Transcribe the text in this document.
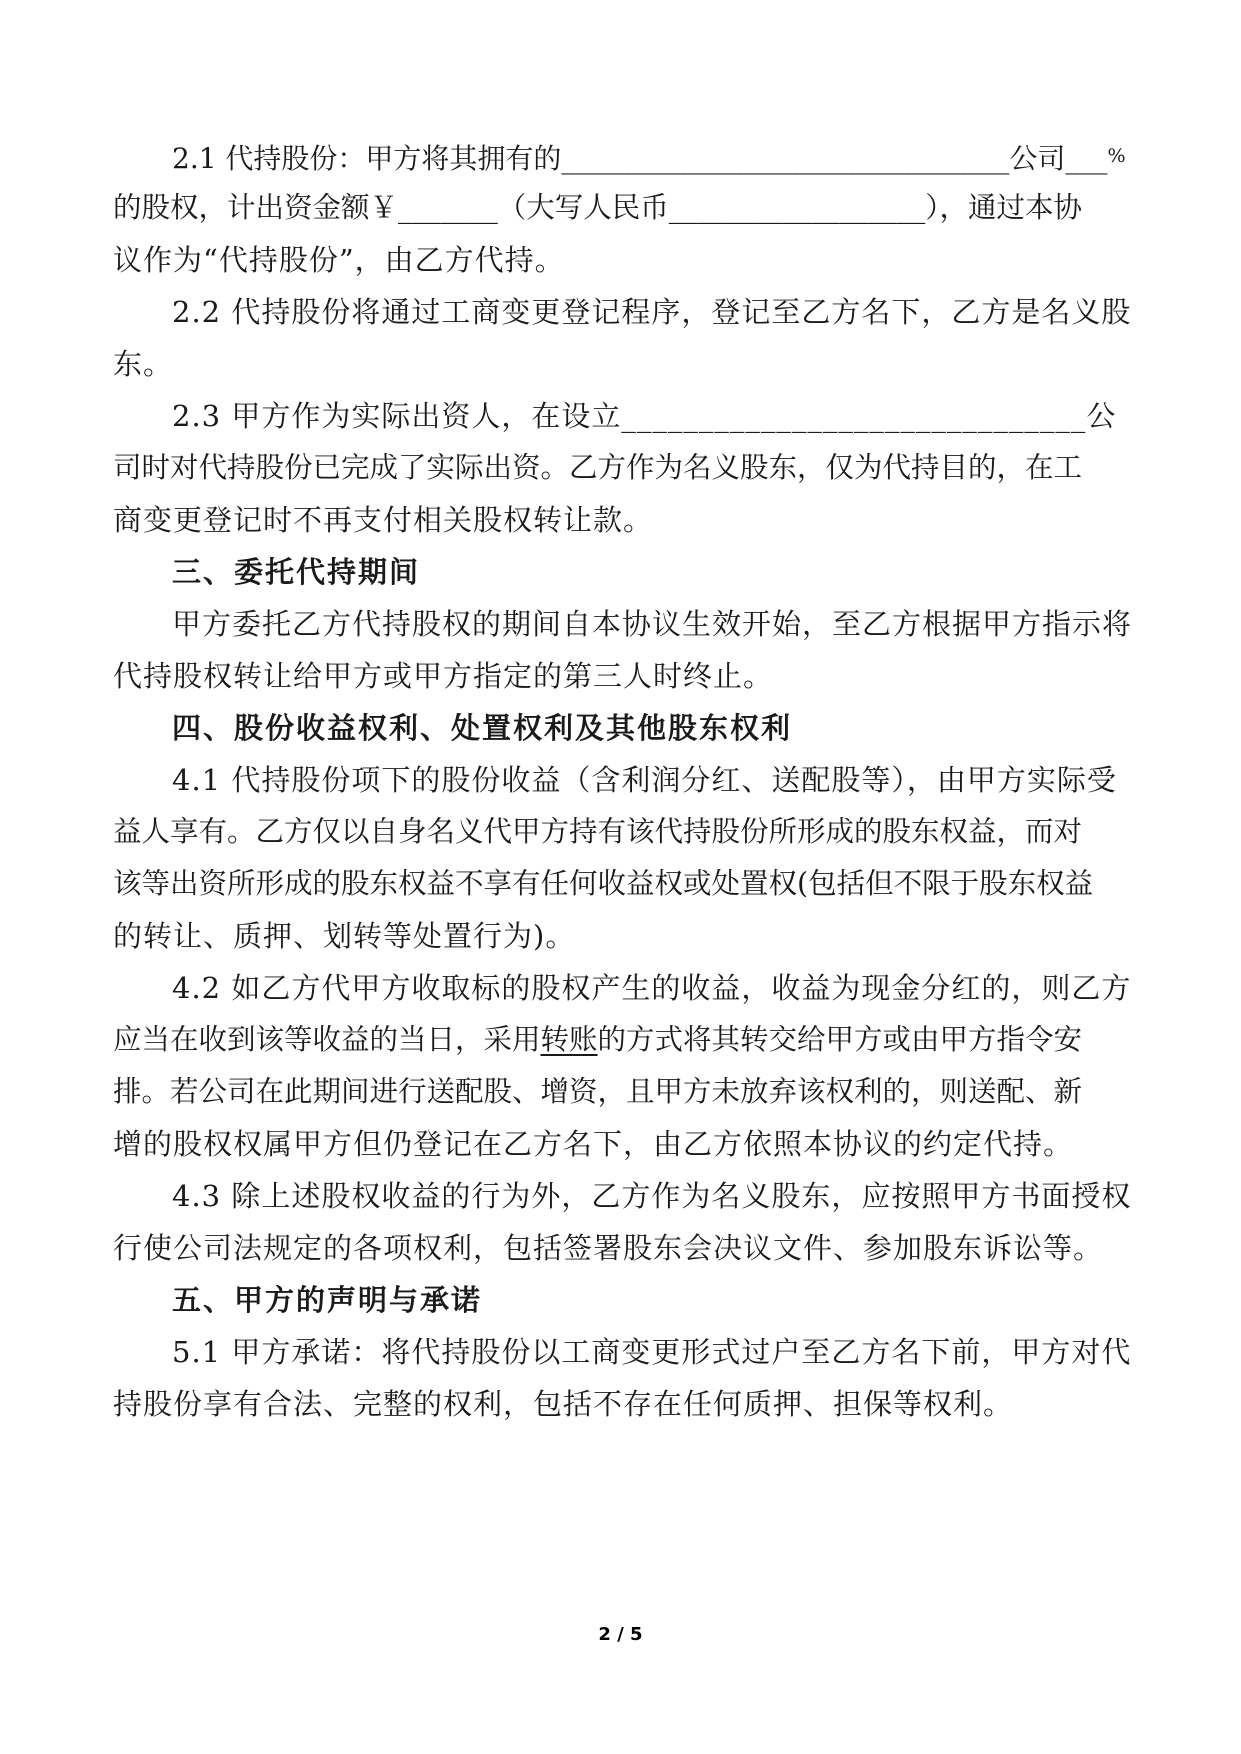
2.1 代持股份：甲方将其拥有的________________________________公司___%

的股权，计出资金额￥_______（大写人民币__________________），通过本协

议作为“代持股份”，由乙方代持。

2.2 代持股份将通过工商变更登记程序，登记至乙方名下，乙方是名义股

东。

2.3 甲方作为实际出资人，在设立______________________________公

司时对代持股份已完成了实际出资。乙方作为名义股东，仅为代持目的，在工

商变更登记时不再支付相关股权转让款。

三、委托代持期间

甲方委托乙方代持股权的期间自本协议生效开始，至乙方根据甲方指示将

代持股权转让给甲方或甲方指定的第三人时终止。

四、股份收益权利、处置权利及其他股东权利

4.1 代持股份项下的股份收益（含利润分红、送配股等），由甲方实际受

益人享有。乙方仅以自身名义代甲方持有该代持股份所形成的股东权益，而对

该等出资所形成的股东权益不享有任何收益权或处置权(包括但不限于股东权益

的转让、质押、划转等处置行为)。

4.2 如乙方代甲方收取标的股权产生的收益，收益为现金分红的，则乙方

应当在收到该等收益的当日，采用转账的方式将其转交给甲方或由甲方指令安

排。若公司在此期间进行送配股、增资，且甲方未放弃该权利的，则送配、新

增的股权权属甲方但仍登记在乙方名下，由乙方依照本协议的约定代持。

4.3 除上述股权收益的行为外，乙方作为名义股东，应按照甲方书面授权

行使公司法规定的各项权利，包括签署股东会决议文件、参加股东诉讼等。

五、甲方的声明与承诺

5.1 甲方承诺：将代持股份以工商变更形式过户至乙方名下前，甲方对代

持股份享有合法、完整的权利，包括不存在任何质押、担保等权利。

2 / 5
